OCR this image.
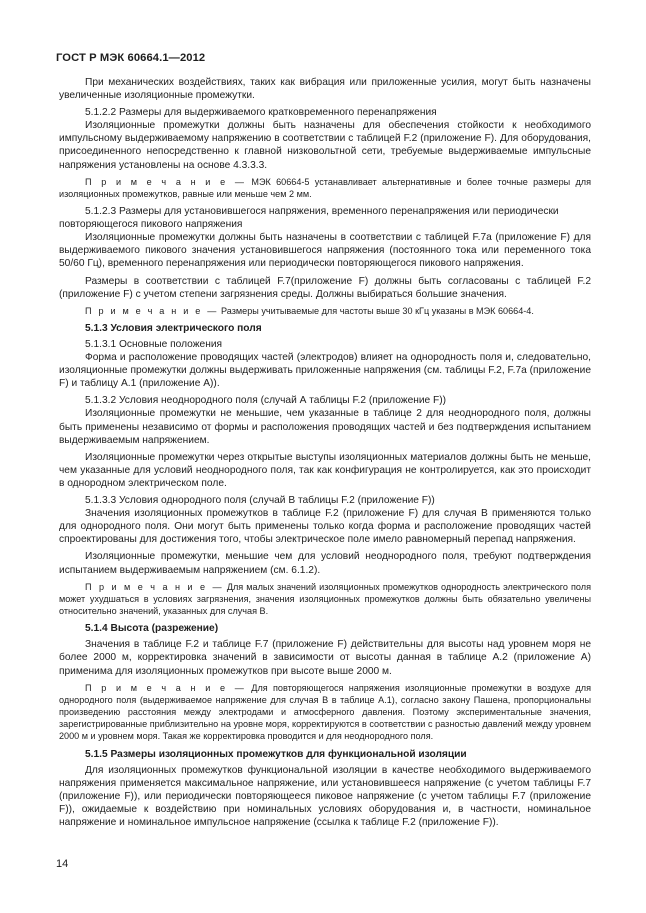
ГОСТ Р МЭК 60664.1—2012

При механических воздействиях, таких как вибрация или приложенные усилия, могут быть назначены увеличенные изоляционные промежутки.

5.1.2.2 Размеры для выдерживаемого кратковременного перенапряжения

Изоляционные промежутки должны быть назначены для обеспечения стойкости к необходимого импульсному выдерживаемому напряжению в соответствии с таблицей F.2 (приложение F). Для оборудования, присоединенного непосредственно к главной низковольтной сети, требуемые выдерживаемые импульсные напряжения установлены на основе 4.3.3.3.

П р и м е ч а н и е — МЭК 60664-5 устанавливает альтернативные и более точные размеры для изоляционных промежутков, равные или меньше чем 2 мм.

5.1.2.3 Размеры для установившегося напряжения, временного перенапряжения или периодически повторяющегося пикового напряжения

Изоляционные промежутки должны быть назначены в соответствии с таблицей F.7a (приложение F) для выдерживаемого пикового значения установившегося напряжения (постоянного тока или переменного тока 50/60 Гц), временного перенапряжения или периодически повторяющегося пикового напряжения.

Размеры в соответствии с таблицей F.7(приложение F) должны быть согласованы с таблицей F.2 (приложение F) с учетом степени загрязнения среды. Должны выбираться большие значения.

П р и м е ч а н и е — Размеры учитываемые для частоты выше 30 кГц указаны в МЭК 60664-4.

5.1.3 Условия электрического поля

5.1.3.1 Основные положения

Форма и расположение проводящих частей (электродов) влияет на однородность поля и, следовательно, изоляционные промежутки должны выдерживать приложенные напряжения (см. таблицы F.2, F.7a (приложение F) и таблицу А.1 (приложение А)).

5.1.3.2 Условия неоднородного поля (случай А таблицы F.2 (приложение F))

Изоляционные промежутки не меньшие, чем указанные в таблице 2 для неоднородного поля, должны быть применены независимо от формы и расположения проводящих частей и без подтверждения испытанием выдерживаемым напряжением.

Изоляционные промежутки через открытые выступы изоляционных материалов должны быть не меньше, чем указанные для условий неоднородного поля, так как конфигурация не контролируется, как это происходит в однородном электрическом поле.

5.1.3.3 Условия однородного поля (случай В таблицы F.2 (приложение F))

Значения изоляционных промежутков в таблице F.2 (приложение F) для случая В применяются только для однородного поля. Они могут быть применены только когда форма и расположение проводящих частей спроектированы для достижения того, чтобы электрическое поле имело равномерный перепад напряжения.

Изоляционные промежутки, меньшие чем для условий неоднородного поля, требуют подтверждения испытанием выдерживаемым напряжением (см. 6.1.2).

П р и м е ч а н и е — Для малых значений изоляционных промежутков однородность электрического поля может ухудшаться в условиях загрязнения, значения изоляционных промежутков должны быть обязательно увеличены относительно значений, указанных для случая В.

5.1.4 Высота (разрежение)

Значения в таблице F.2 и таблице F.7 (приложение F) действительны для высоты над уровнем моря не более 2000 м, корректировка значений в зависимости от высоты данная в таблице А.2 (приложение А) применима для изоляционных промежутков при высоте выше 2000 м.

П р и м е ч а н и е — Для повторяющегося напряжения изоляционные промежутки в воздухе для однородного поля (выдерживаемое напряжение для случая В в таблице А.1), согласно закону Пашена, пропорциональны произведению расстояния между электродами и атмосферного давления. Поэтому экспериментальные значения, зарегистрированные приблизительно на уровне моря, корректируются в соответствии с разностью давлений между уровнем 2000 м и уровнем моря. Такая же корректировка проводится и для неоднородного поля.

5.1.5 Размеры изоляционных промежутков для функциональной изоляции

Для изоляционных промежутков функциональной изоляции в качестве необходимого выдерживаемого напряжения применяется максимальное напряжение, или установившееся напряжение (с учетом таблицы F.7 (приложение F)), или периодически повторяющееся пиковое напряжение (с учетом таблицы F.7 (приложение F)), ожидаемые к воздействию при номинальных условиях оборудования и, в частности, номинальное напряжение и номинальное импульсное напряжение (ссылка к таблице F.2 (приложение F)).

14
